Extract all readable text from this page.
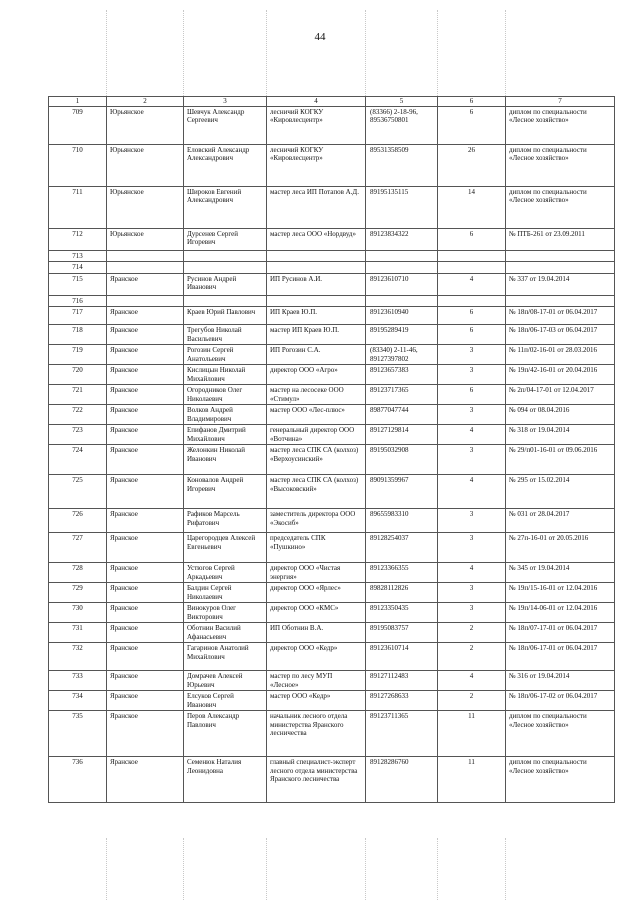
44
1	2	3	4	5	6	7
709	Юрьянское	Шевчук Александр Сергеевич	лесничий КОГКУ «Кировлесцентр»	(83366) 2-18-96, 89536750801	6	диплом по специальности «Лесное хозяйство»
710	Юрьянское	Еловский Александр Александрович	лесничий КОГКУ «Кировлесцентр»	89531358509	26	диплом по специальности «Лесное хозяйство»
711	Юрьянское	Широков Евгений Александрович	мастер леса ИП Потапов А.Д.	89195135115	14	диплом по специальности «Лесное хозяйство»
712	Юрьянское	Дурсенев Сергей Игоревич	мастер леса ООО «Нордвуд»	89123834322	6	№ ПТБ-261 от 23.09.2011
713						
714						
715	Яранское	Русинов Андрей Иванович	ИП Русинов А.И.	89123610710	4	№ 337 от 19.04.2014
716						
717	Яранское	Краев Юрий Павлович	ИП Краев Ю.П.	89123610940	6	№ 18п/08-17-01 от 06.04.2017
718	Яранское	Трегубов Николай Васильевич	мастер ИП Краев Ю.П.	89195289419	6	№ 18п/06-17-03 от 06.04.2017
719	Яранское	Рогозин Сергей Анатольевич	ИП Рогозин С.А.	(83340) 2-11-46, 89127397802	3	№ 11п/02-16-01 от 28.03.2016
720	Яранское	Кислицын Николай Михайлович	директор ООО «Агро»	89123657383	3	№ 19п/42-16-01 от 20.04.2016
721	Яранское	Огородников Олег Николаевич	мастер на лесосеке ООО «Стимул»	89123717365	6	№ 2п/04-17-01 от 12.04.2017
722	Яранское	Волков Андрей Владимирович	мастер ООО «Лес-плюс»	89877047744	3	№ 094 от 08.04.2016
723	Яранское	Епифанов Дмитрий Михайлович	генеральный директор ООО «Вотчина»	89127129814	4	№ 318 от 19.04.2014
724	Яранское	Желонкин Николай Иванович	мастер леса СПК СА (колхоз) «Верхоусинский»	89195032908	3	№ 29/п01-16-01 от 09.06.2016
725	Яранское	Коновалов Андрей Игоревич	мастер леса СПК СА (колхоз) «Высоковский»	89091359967	4	№ 295 от 15.02.2014
726	Яранское	Рафиков Марсель Рифатович	заместитель директора ООО «Экосиб»	89655983310	3	№ 031 от 28.04.2017
727	Яранское	Царегородцев Алексей Евгеньевич	председатель СПК «Пушкино»	89128254037	3	№ 27п-16-01 от 20.05.2016
728	Яранское	Устюгов Сергей Аркадьевич	директор ООО «Чистая энергия»	89123366355	4	№ 345 от 19.04.2014
729	Яранское	Балдин Сергей Николаевич	директор ООО «Ярлес»	89828112826	3	№ 19п/15-16-01 от 12.04.2016
730	Яранское	Винокуров Олег Викторович	директор ООО «КМС»	89123350435	3	№ 19п/14-06-01 от 12.04.2016
731	Яранское	Оботнин Василий Афанасьевич	ИП Оботнин В.А.	89195083757	2	№ 18п/07-17-01 от 06.04.2017
732	Яранское	Гагаринов Анатолий Михайлович	директор ООО «Кедр»	89123610714	2	№ 18п/06-17-01 от 06.04.2017
733	Яранское	Домрачев Алексей Юрьевич	мастер по лесу МУП «Лесное»	89127112483	4	№ 316 от 19.04.2014
734	Яранское	Елсуков Сергей Иванович	мастер ООО «Кедр»	89127268633	2	№ 18п/06-17-02 от 06.04.2017
735	Яранское	Перов Александр Павлович	начальник лесного отдела министерства Яранского лесничества	89123711365	11	диплом по специальности «Лесное хозяйство»
736	Яранское	Семенюк Наталия Леонидовна	главный специалист-эксперт лесного отдела министерства Яранского лесничества	89128286760	11	диплом по специальности «Лесное хозяйство»
